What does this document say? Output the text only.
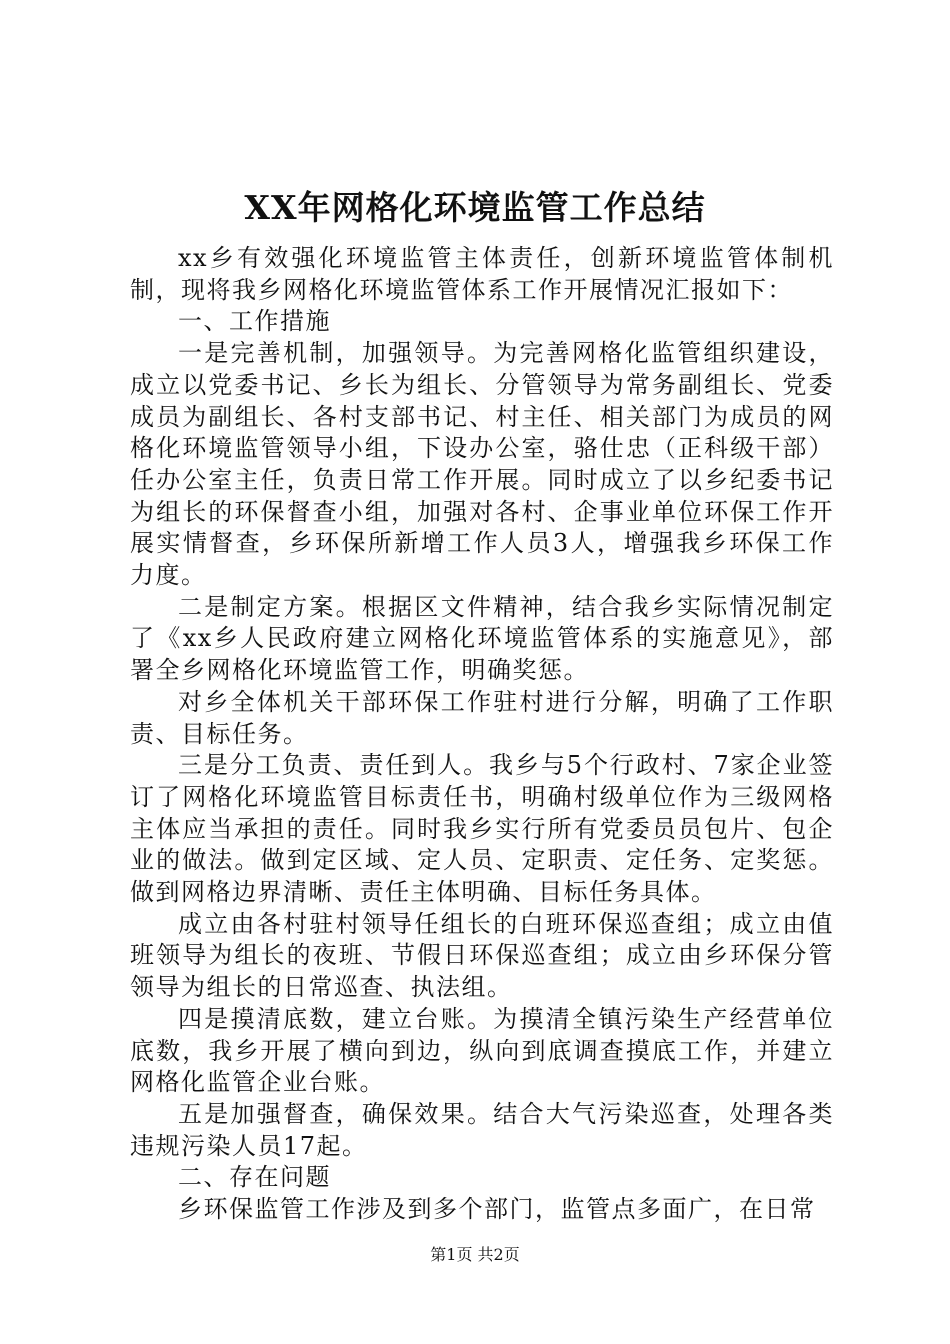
XX年网格化环境监管工作总结

xx乡有效强化环境监管主体责任，创新环境监管体制机制，现将我乡网格化环境监管体系工作开展情况汇报如下：

一、工作措施

一是完善机制，加强领导。为完善网格化监管组织建设，成立以党委书记、乡长为组长、分管领导为常务副组长、党委成员为副组长、各村支部书记、村主任、相关部门为成员的网格化环境监管领导小组，下设办公室，骆仕忠（正科级干部）任办公室主任，负责日常工作开展。同时成立了以乡纪委书记为组长的环保督查小组，加强对各村、企事业单位环保工作开展实情督查，乡环保所新增工作人员3人，增强我乡环保工作力度。

二是制定方案。根据区文件精神，结合我乡实际情况制定了《xx乡人民政府建立网格化环境监管体系的实施意见》，部署全乡网格化环境监管工作，明确奖惩。

对乡全体机关干部环保工作驻村进行分解，明确了工作职责、目标任务。

三是分工负责、责任到人。我乡与5个行政村、7家企业签订了网格化环境监管目标责任书，明确村级单位作为三级网格主体应当承担的责任。同时我乡实行所有党委员员包片、包企业的做法。做到定区域、定人员、定职责、定任务、定奖惩。做到网格边界清晰、责任主体明确、目标任务具体。

成立由各村驻村领导任组长的白班环保巡查组；成立由值班领导为组长的夜班、节假日环保巡查组；成立由乡环保分管领导为组长的日常巡查、执法组。

四是摸清底数，建立台账。为摸清全镇污染生产经营单位底数，我乡开展了横向到边，纵向到底调查摸底工作，并建立网格化监管企业台账。

五是加强督查，确保效果。结合大气污染巡查，处理各类违规污染人员17起。

二、存在问题

乡环保监管工作涉及到多个部门，监管点多面广，在日常

第1页 共2页
